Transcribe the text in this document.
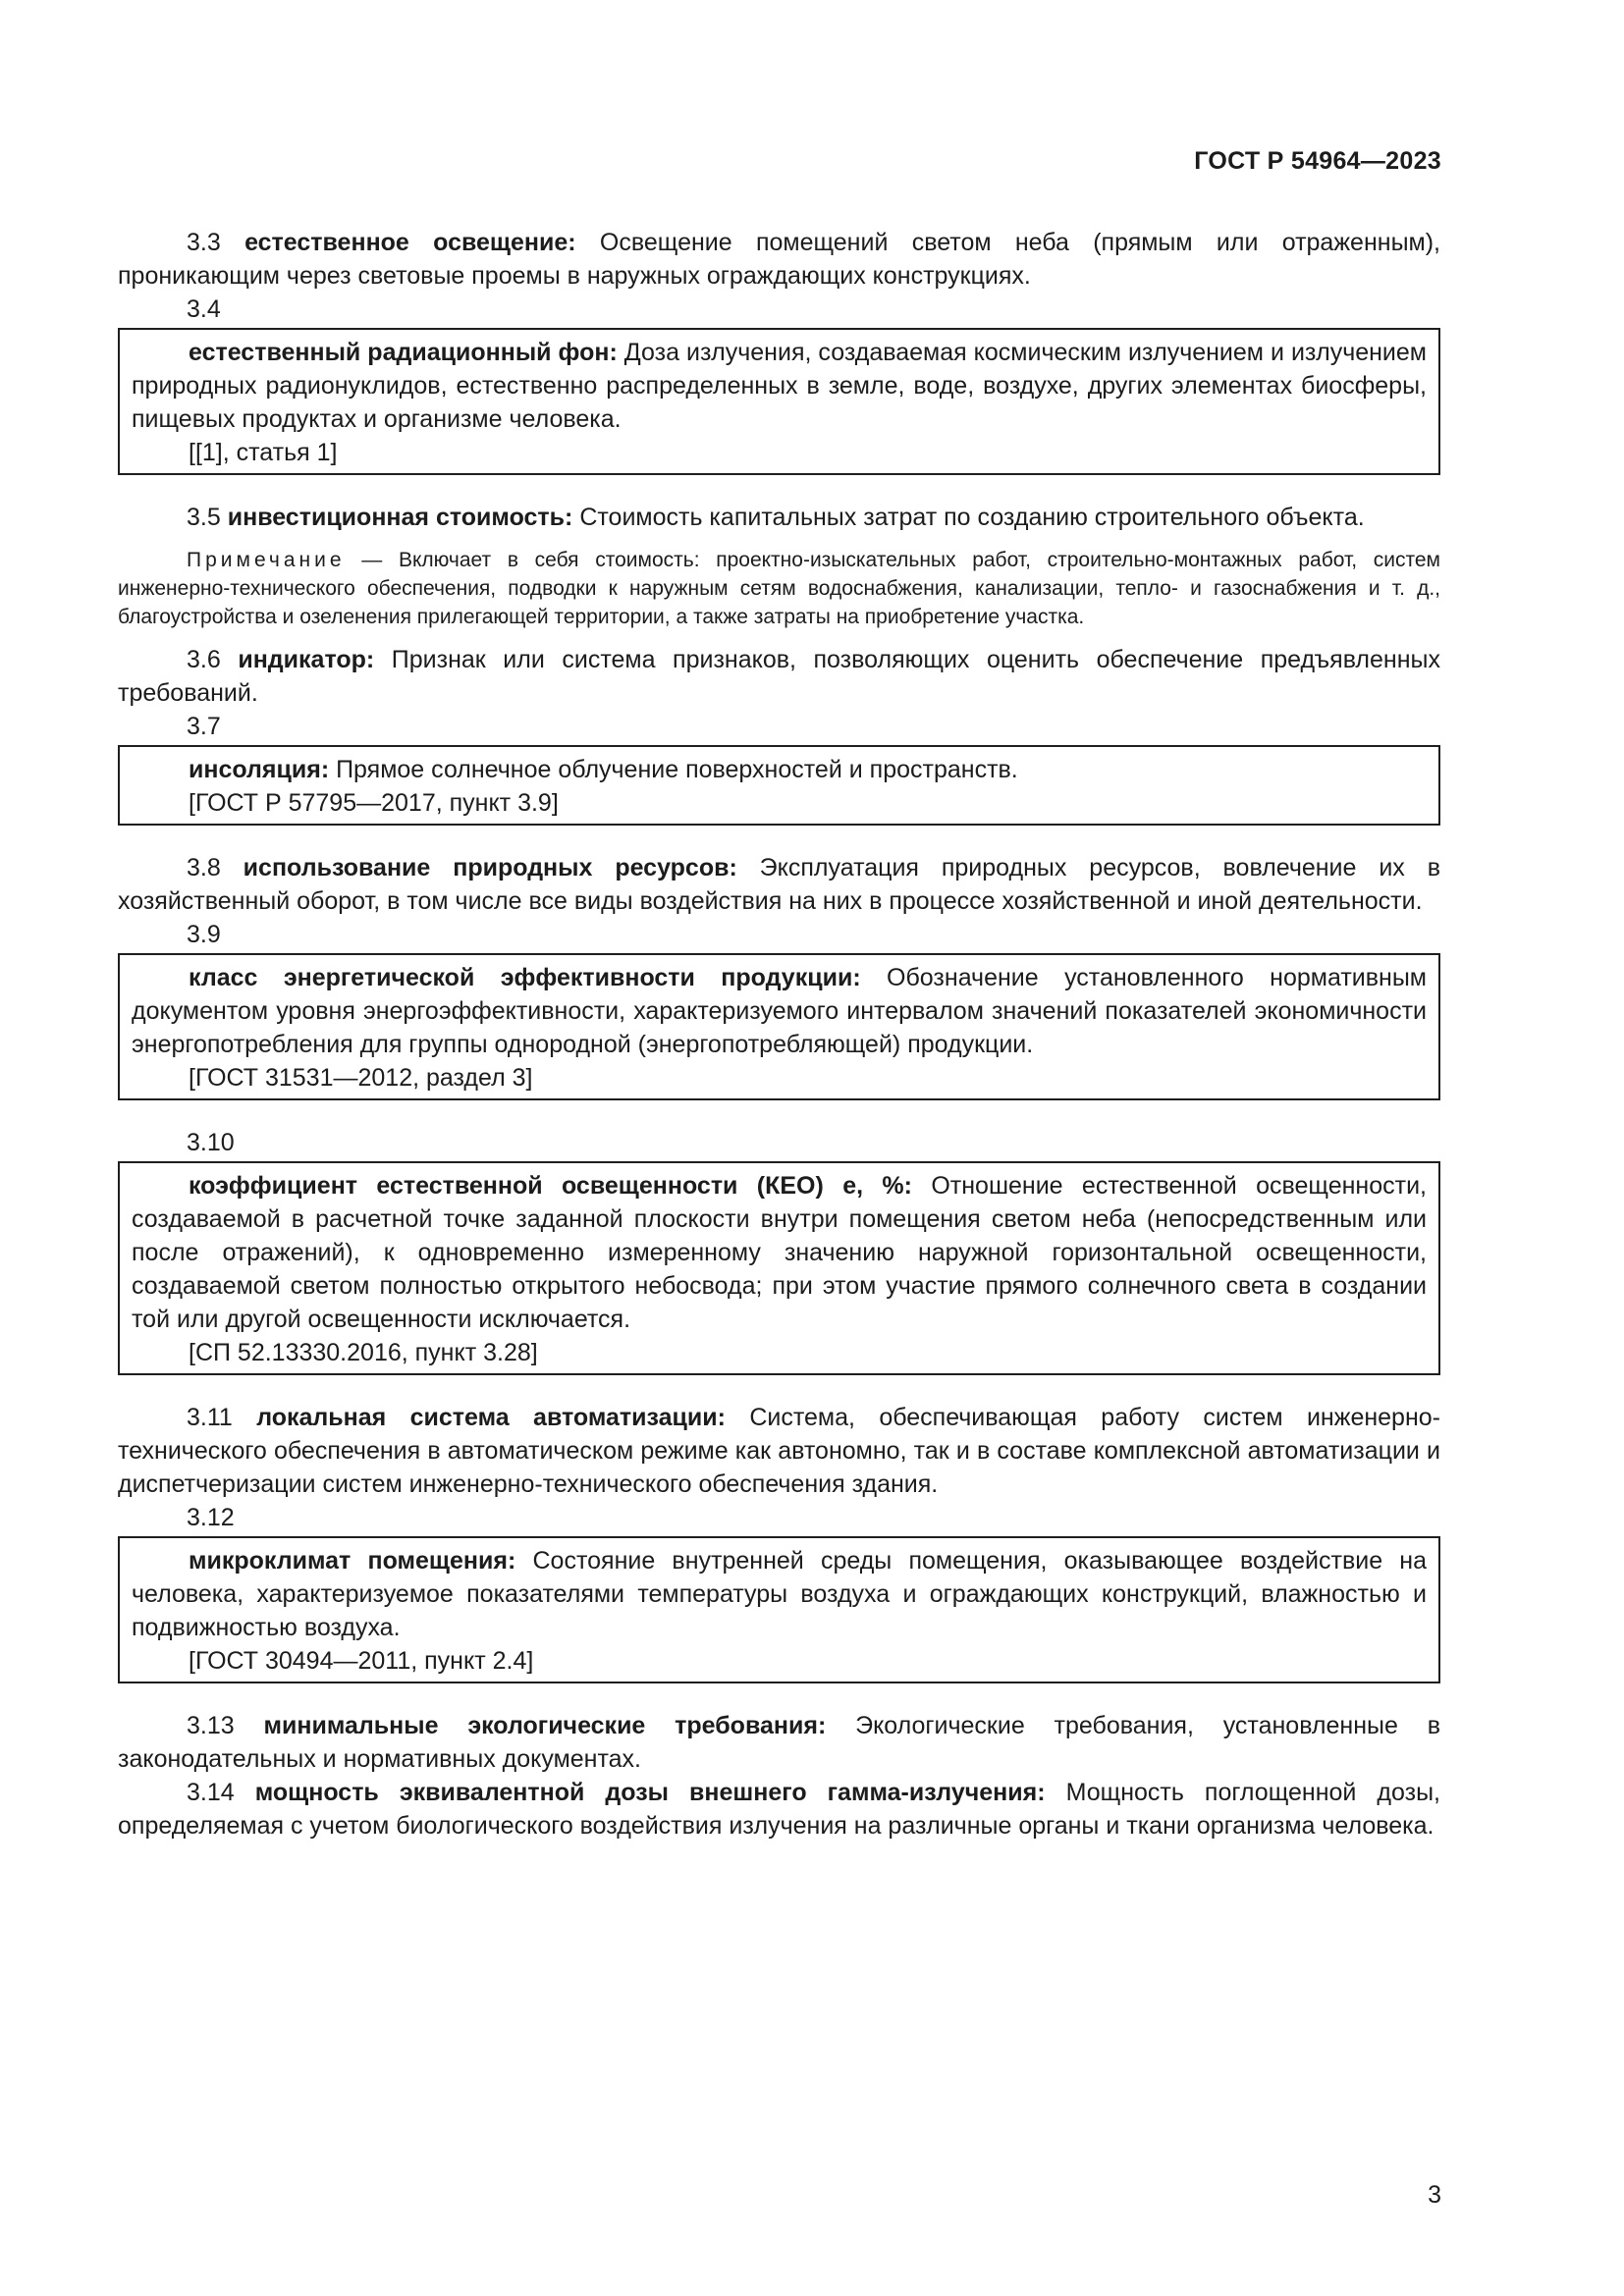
ГОСТ Р 54964—2023

3.3 естественное освещение: Освещение помещений светом неба (прямым или отраженным), проникающим через световые проемы в наружных ограждающих конструкциях.

3.4

естественный радиационный фон: Доза излучения, создаваемая космическим излучением и излучением природных радионуклидов, естественно распределенных в земле, воде, воздухе, других элементах биосферы, пищевых продуктах и организме человека.

[[1], статья 1]

3.5 инвестиционная стоимость: Стоимость капитальных затрат по созданию строительного объекта.

Примечание — Включает в себя стоимость: проектно-изыскательных работ, строительно-монтажных работ, систем инженерно-технического обеспечения, подводки к наружным сетям водоснабжения, канализации, тепло- и газоснабжения и т. д., благоустройства и озеленения прилегающей территории, а также затраты на приобретение участка.

3.6 индикатор: Признак или система признаков, позволяющих оценить обеспечение предъявленных требований.

3.7

инсоляция: Прямое солнечное облучение поверхностей и пространств.

[ГОСТ Р 57795—2017, пункт 3.9]

3.8 использование природных ресурсов: Эксплуатация природных ресурсов, вовлечение их в хозяйственный оборот, в том числе все виды воздействия на них в процессе хозяйственной и иной деятельности.

3.9

класс энергетической эффективности продукции: Обозначение установленного нормативным документом уровня энергоэффективности, характеризуемого интервалом значений показателей экономичности энергопотребления для группы однородной (энергопотребляющей) продукции.

[ГОСТ 31531—2012, раздел 3]

3.10

коэффициент естественной освещенности (КЕО) е, %: Отношение естественной освещенности, создаваемой в расчетной точке заданной плоскости внутри помещения светом неба (непосредственным или после отражений), к одновременно измеренному значению наружной горизонтальной освещенности, создаваемой светом полностью открытого небосвода; при этом участие прямого солнечного света в создании той или другой освещенности исключается.

[СП 52.13330.2016, пункт 3.28]

3.11 локальная система автоматизации: Система, обеспечивающая работу систем инженерно-технического обеспечения в автоматическом режиме как автономно, так и в составе комплексной автоматизации и диспетчеризации систем инженерно-технического обеспечения здания.

3.12

микроклимат помещения: Состояние внутренней среды помещения, оказывающее воздействие на человека, характеризуемое показателями температуры воздуха и ограждающих конструкций, влажностью и подвижностью воздуха.

[ГОСТ 30494—2011, пункт 2.4]

3.13 минимальные экологические требования: Экологические требования, установленные в законодательных и нормативных документах.

3.14 мощность эквивалентной дозы внешнего гамма-излучения: Мощность поглощенной дозы, определяемая с учетом биологического воздействия излучения на различные органы и ткани организма человека.

3
